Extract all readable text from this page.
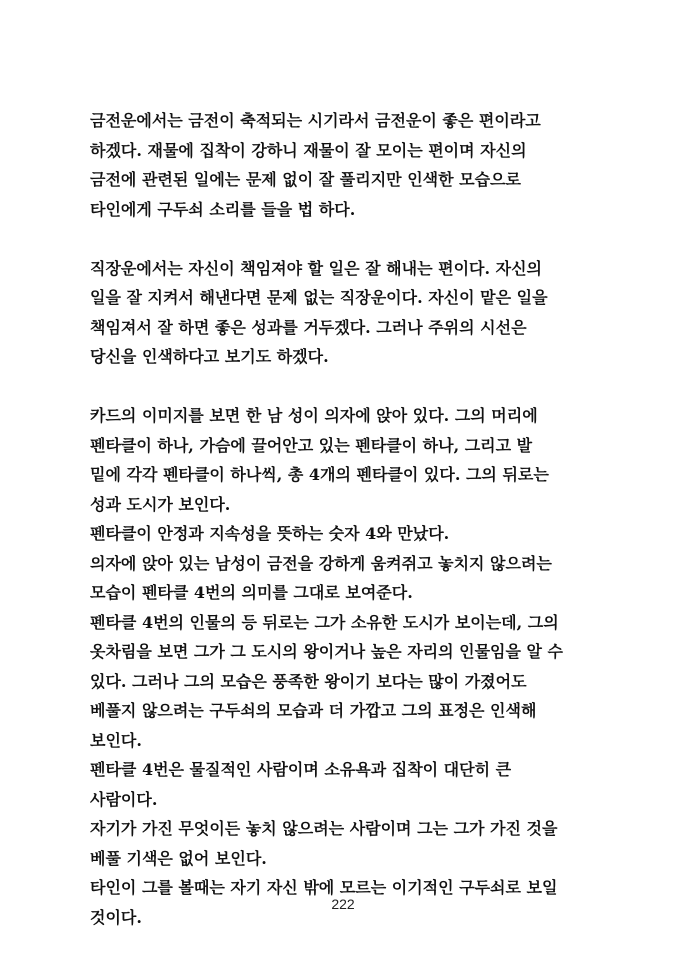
금전운에서는 금전이 축적되는 시기라서 금전운이 좋은 편이라고
하겠다. 재물에 집착이 강하니 재물이 잘 모이는 편이며 자신의
금전에 관련된 일에는 문제 없이 잘 풀리지만 인색한 모습으로
타인에게 구두쇠 소리를 들을 법 하다.

직장운에서는 자신이 책임져야 할 일은 잘 해내는 편이다. 자신의
일을 잘 지켜서 해낸다면 문제 없는 직장운이다. 자신이 맡은 일을
책임져서 잘 하면 좋은 성과를 거두겠다. 그러나 주위의 시선은
당신을 인색하다고 보기도 하겠다.

카드의 이미지를 보면 한 남 성이 의자에 앉아 있다. 그의 머리에
펜타클이 하나, 가슴에 끌어안고 있는 펜타클이 하나, 그리고 발
밑에 각각 펜타클이 하나씩, 총 4개의 펜타클이 있다. 그의 뒤로는
성과 도시가 보인다.
펜타클이 안정과 지속성을 뜻하는 숫자 4와 만났다.
의자에 앉아 있는 남성이 금전을 강하게 움켜쥐고 놓치지 않으려는
모습이 펜타클 4번의 의미를 그대로 보여준다.
펜타클 4번의 인물의 등 뒤로는 그가 소유한 도시가 보이는데, 그의
옷차림을 보면 그가 그 도시의 왕이거나 높은 자리의 인물임을 알 수
있다. 그러나 그의 모습은 풍족한 왕이기 보다는 많이 가졌어도
베풀지 않으려는 구두쇠의 모습과 더 가깝고 그의 표정은 인색해
보인다.
펜타클 4번은 물질적인 사람이며 소유욕과 집착이 대단히 큰
사람이다.
자기가 가진 무엇이든 놓치 않으려는 사람이며 그는 그가 가진 것을
베풀 기색은 없어 보인다.
타인이 그를 볼때는 자기 자신 밖에 모르는 이기적인 구두쇠로 보일
것이다.

222
